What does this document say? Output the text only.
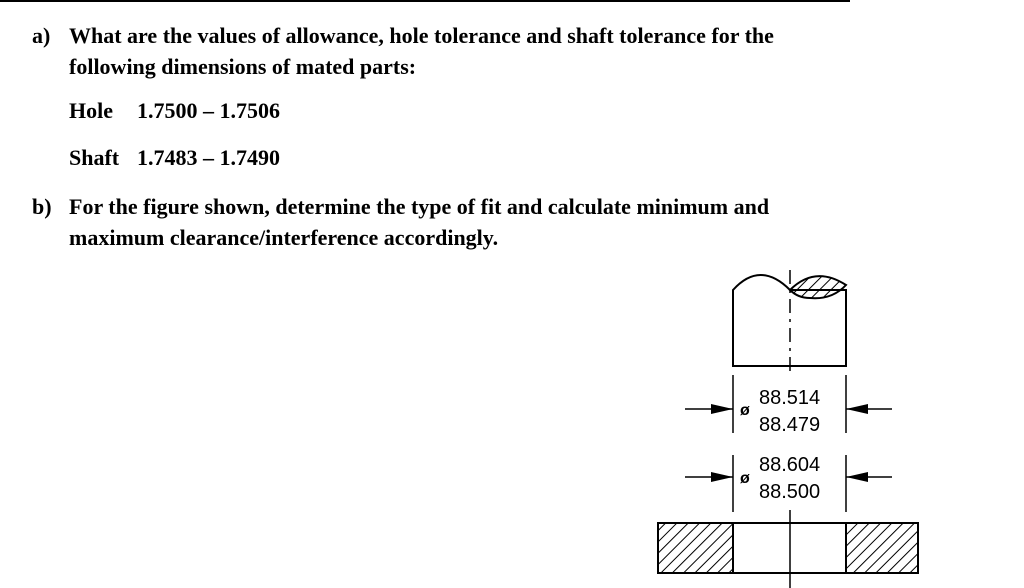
a) What are the values of allowance, hole tolerance and shaft tolerance for the
following dimensions of mated parts:
Hole 1.7500 – 1.7506
Shaft 1.7483 – 1.7490
b) For the figure shown, determine the type of fit and calculate minimum and
maximum clearance/interference accordingly.
ø
88.514
88.479
ø
88.604
88.500
